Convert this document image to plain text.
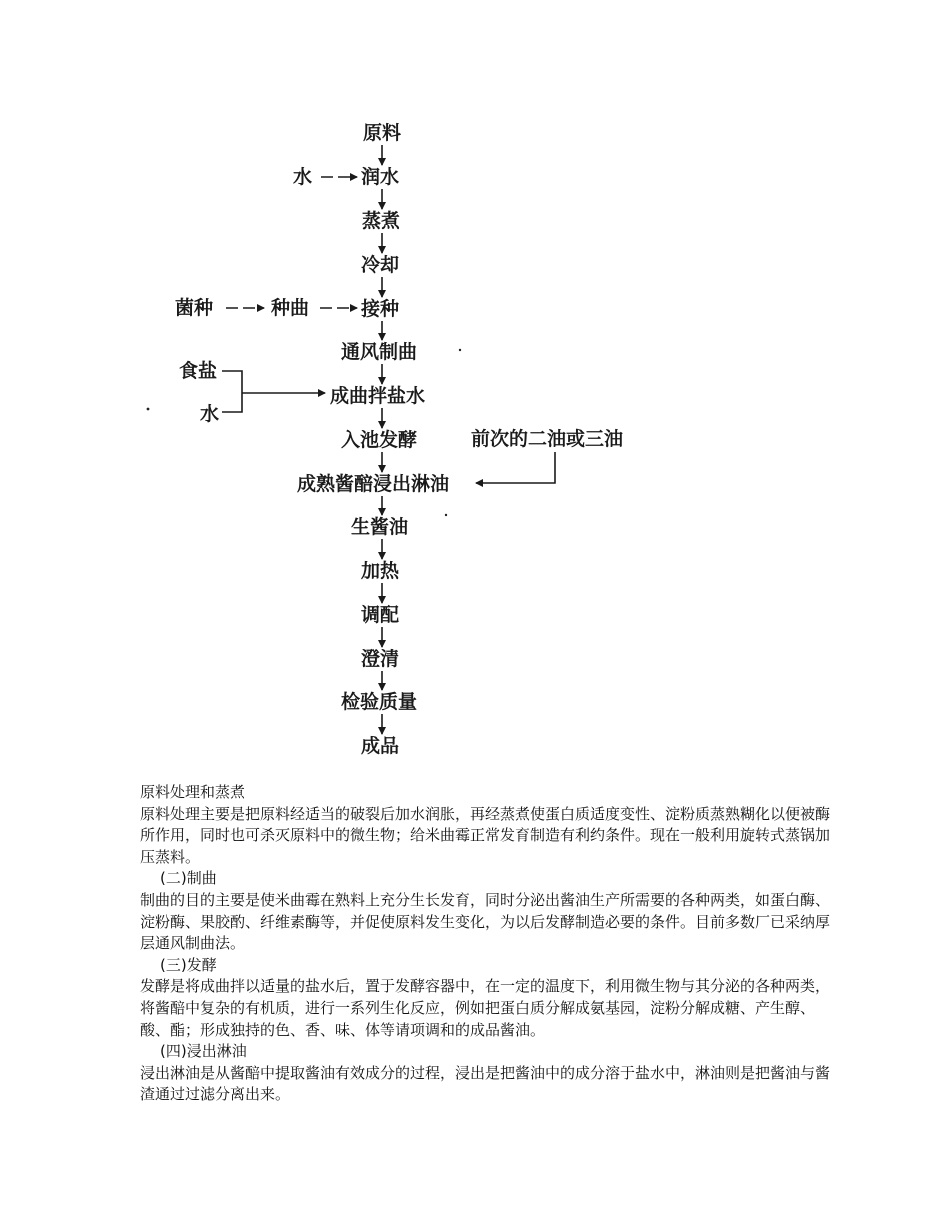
原料
润水
蒸煮
冷却
接种
通风制曲
成曲拌盐水
入池发酵
成熟酱醅浸出淋油
生酱油
加热
调配
澄清
检验质量
成品
水
菌种	种曲
食盐
水
前次的二油或三油

原料处理和蒸煮

原料处理主要是把原料经适当的破裂后加水润胀，再经蒸煮使蛋白质适度变性、淀粉质蒸熟糊化以便被酶所作用，同时也可杀灭原料中的微生物；给米曲霉正常发育制造有利约条件。现在一般利用旋转式蒸锅加压蒸料。

(二)制曲

制曲的目的主要是使米曲霉在熟料上充分生长发育，同时分泌出酱油生产所需要的各种两类，如蛋白酶、淀粉酶、果胶酌、纤维素酶等，并促使原料发生变化，为以后发酵制造必要的条件。目前多数厂已采纳厚层通风制曲法。

(三)发酵

发酵是将成曲拌以适量的盐水后，置于发酵容器中，在一定的温度下，利用微生物与其分泌的各种两类，将酱醅中复杂的有机质，进行一系列生化反应，例如把蛋白质分解成氨基园，淀粉分解成糖、产生醇、酸、酯；形成独持的色、香、味、体等请项调和的成品酱油。

(四)浸出淋油

浸出淋油是从酱醅中提取酱油有效成分的过程，浸出是把酱油中的成分溶于盐水中，淋油则是把酱油与酱渣通过过滤分离出来。
